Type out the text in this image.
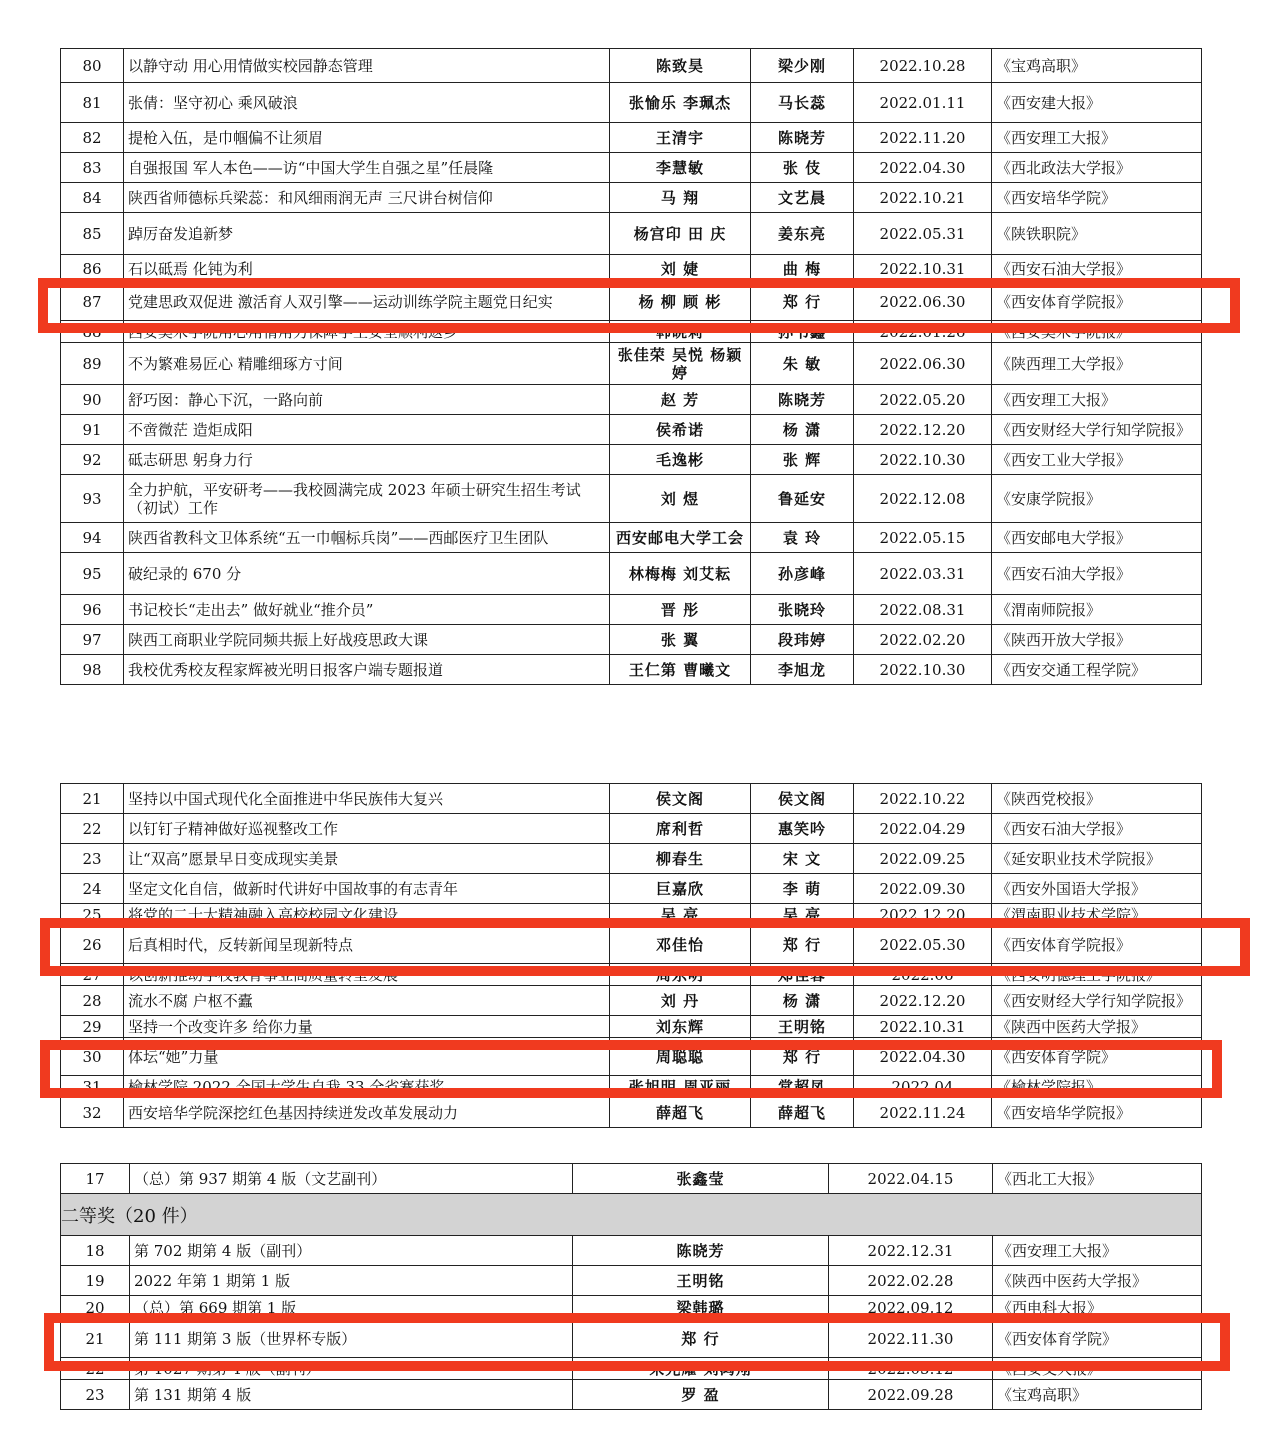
80	以静守动 用心用情做实校园静态管理	陈致昊	梁少刚	2022.10.28	《宝鸡高职》
81	张倩：坚守初心 乘风破浪	张愉乐 李珮杰	马长蕊	2022.01.11	《西安建大报》
82	提枪入伍，是巾帼偏不让须眉	王清宇	陈晓芳	2022.11.20	《西安理工大报》
83	自强报国 军人本色——访“中国大学生自强之星”任晨隆	李慧敏	张 伎	2022.04.30	《西北政法大学报》
84	陕西省师德标兵梁蕊：和风细雨润无声 三尺讲台树信仰	马 翔	文艺晨	2022.10.21	《西安培华学院》
85	踔厉奋发追新梦	杨宫印 田 庆	姜东亮	2022.05.31	《陕铁职院》
86	石以砥焉 化钝为利	刘 婕	曲 梅	2022.10.31	《西安石油大学报》
87	党建思政双促进 激活育人双引擎——运动训练学院主题党日纪实	杨 柳 顾 彬	郑 行	2022.06.30	《西安体育学院报》
88	西安美术学院用心用情用力保障学生安全顺利返乡	韩晓莉	孙书鑫	2022.01.26	《西安美术学院报》
89	不为繁难易匠心 精雕细琢方寸间	张佳荣 吴悦 杨颖婷	朱 敏	2022.06.30	《陕西理工大学报》
90	舒巧囡：静心下沉，一路向前	赵 芳	陈晓芳	2022.05.20	《西安理工大报》
91	不啻微茫 造炬成阳	侯希诺	杨 潇	2022.12.20	《西安财经大学行知学院报》
92	砥志研思 躬身力行	毛逸彬	张 辉	2022.10.30	《西安工业大学报》
93	全力护航，平安研考——我校圆满完成 2023 年硕士研究生招生考试（初试）工作	刘 煜	鲁延安	2022.12.08	《安康学院报》
94	陕西省教科文卫体系统“五一巾帼标兵岗”——西邮医疗卫生团队	西安邮电大学工会	袁 玲	2022.05.15	《西安邮电大学报》
95	破纪录的 670 分	林梅梅 刘艾耘	孙彦峰	2022.03.31	《西安石油大学报》
96	书记校长“走出去” 做好就业“推介员”	晋 彤	张晓玲	2022.08.31	《渭南师院报》
97	陕西工商职业学院同频共振上好战疫思政大课	张 翼	段玮婷	2022.02.20	《陕西开放大学报》
98	我校优秀校友程家辉被光明日报客户端专题报道	王仁第 曹曦文	李旭龙	2022.10.30	《西安交通工程学院》
21	坚持以中国式现代化全面推进中华民族伟大复兴	侯文阁	侯文阁	2022.10.22	《陕西党校报》
22	以钉钉子精神做好巡视整改工作	席利哲	惠笑吟	2022.04.29	《西安石油大学报》
23	让“双高”愿景早日变成现实美景	柳春生	宋 文	2022.09.25	《延安职业技术学院报》
24	坚定文化自信，做新时代讲好中国故事的有志青年	巨嘉欣	李 萌	2022.09.30	《西安外国语大学报》
25	将党的二十大精神融入高校校园文化建设	吴 亮	吴 亮	2022.12.20	《渭南职业技术学院》
26	后真相时代，反转新闻呈现新特点	邓佳怡	郑 行	2022.05.30	《西安体育学院报》
27	以创新推动学校教育事业高质量转型发展	周东明	郑佳蓉	2022.06	《西安明德理工学院报》
28	流水不腐 户枢不蠹	刘 丹	杨 潇	2022.12.20	《西安财经大学行知学院报》
29	坚持一个改变许多 给你力量	刘东辉	王明铭	2022.10.31	《陕西中医药大学报》
30	体坛“她”力量	周聪聪	郑 行	2022.04.30	《西安体育学院》
31	榆林学院 2022 全国大学生自我 33 全省赛获奖	张旭明 周亚丽	常超凤	2022.04	《榆林学院报》
32	西安培华学院深挖红色基因持续迸发改革发展动力	薛超飞	薛超飞	2022.11.24	《西安培华学院报》
17	（总）第 937 期第 4 版（文艺副刊）	张鑫莹	2022.04.15	《西北工大报》
二等奖（20 件）				
18	第 702 期第 4 版（副刊）	陈晓芳	2022.12.31	《西安理工大报》
19	2022 年第 1 期第 1 版	王明铭	2022.02.28	《陕西中医药大学报》
20	（总）第 669 期第 1 版	梁韩璐	2022.09.12	《西电科大报》
21	第 111 期第 3 版（世界杯专版）	郑 行	2022.11.30	《西安体育学院》
22	第 1027 期第 4 版（副刊）	宋先耀 刘鸿翔	2022.05.12	《西安交大报》
23	第 131 期第 4 版	罗 盈	2022.09.28	《宝鸡高职》
